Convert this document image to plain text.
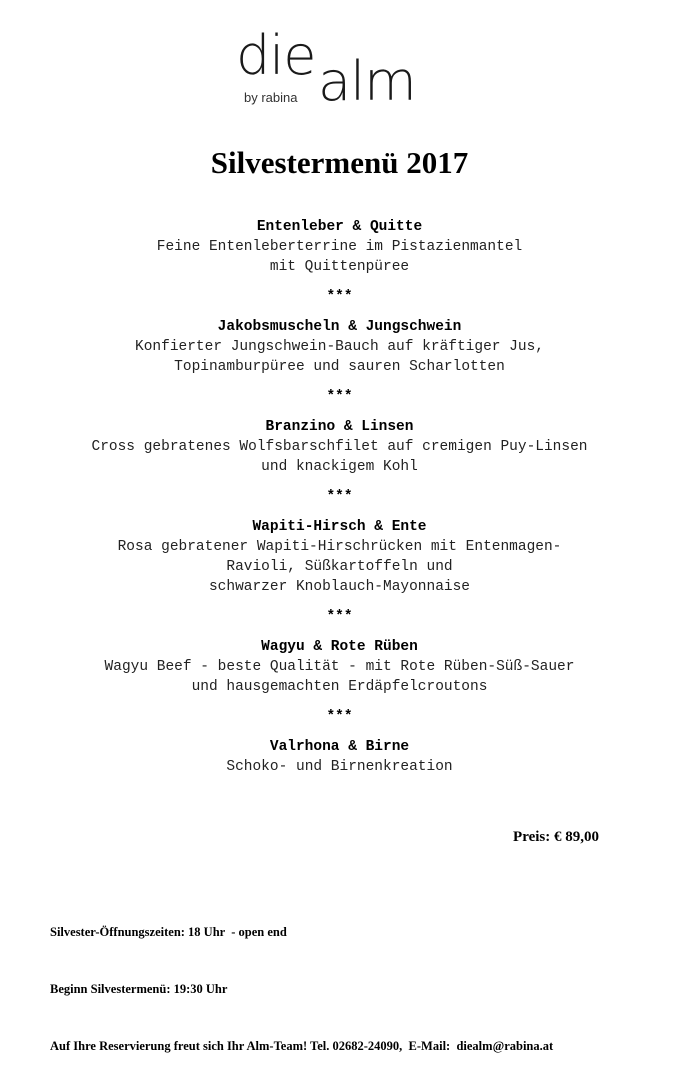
die alm
by rabina
Silvestermenü 2017
Entenleber & Quitte
Feine Entenleberterrine im Pistazienmantel
mit Quittenpüree
***
Jakobsmuscheln & Jungschwein
Konfierter Jungschwein-Bauch auf kräftiger Jus,
Topinamburpüree und sauren Scharlotten
***
Branzino & Linsen
Cross gebratenes Wolfsbarschfilet auf cremigen Puy-Linsen
und knackigem Kohl
***
Wapiti-Hirsch & Ente
Rosa gebratener Wapiti-Hirschrücken mit Entenmagen-
Ravioli, Süßkartoffeln und
schwarzer Knoblauch-Mayonnaise
***
Wagyu & Rote Rüben
Wagyu Beef - beste Qualität - mit Rote Rüben-Süß-Sauer
und hausgemachten Erdäpfelcroutons
***
Valrhona & Birne
Schoko- und Birnenkreation
Preis: € 89,00

Silvester-Öffnungszeiten: 18 Uhr  - open end

Beginn Silvestermenü: 19:30 Uhr

Auf Ihre Reservierung freut sich Ihr Alm-Team! Tel. 02682-24090,  E-Mail:  diealm@rabina.at
